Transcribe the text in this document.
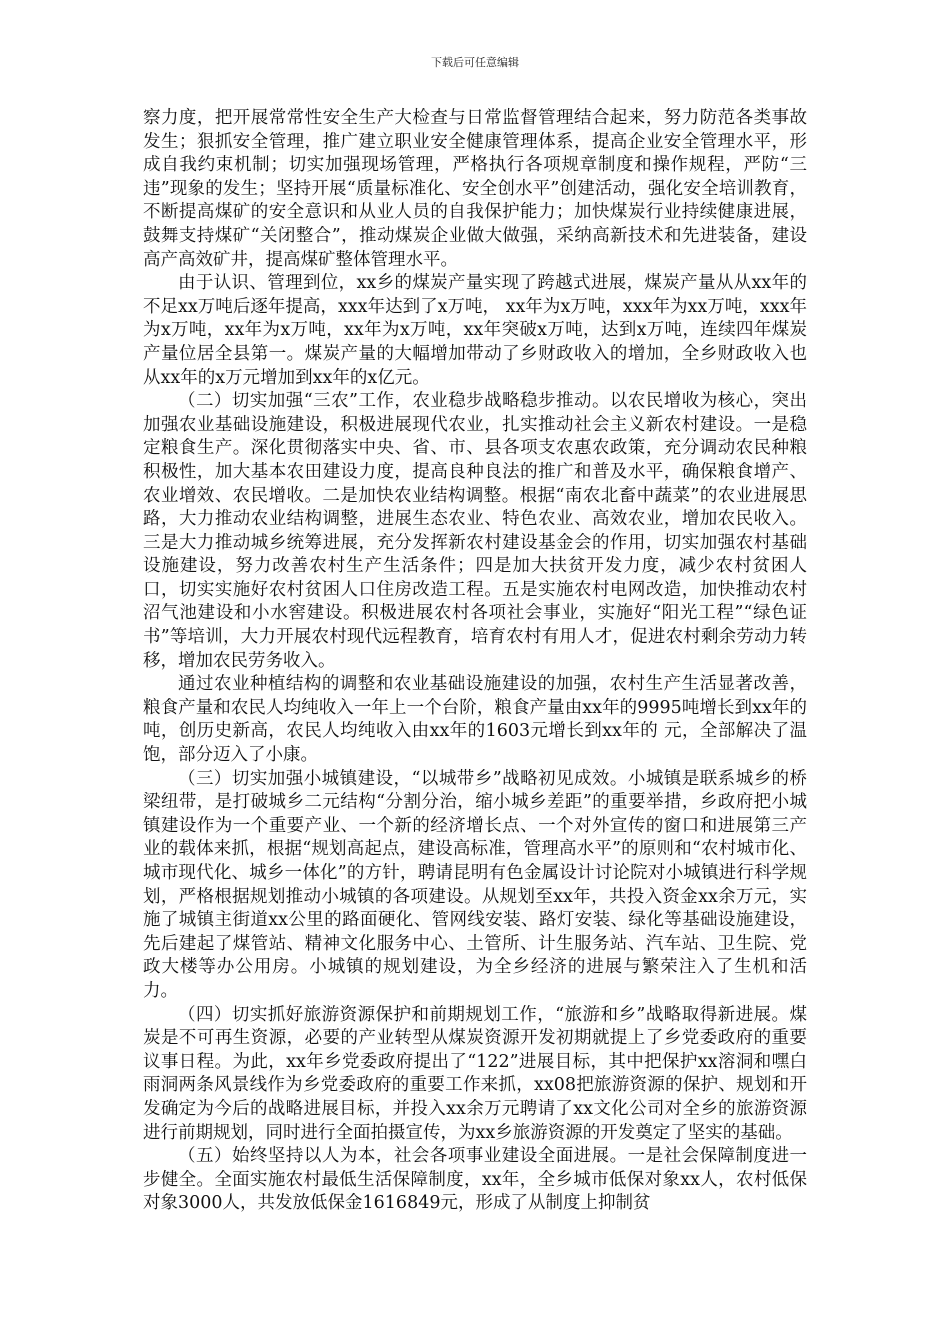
下载后可任意编辑

察力度，把开展常常性安全生产大检查与日常监督管理结合起来，努力防范各类事故发生；狠抓安全管理，推广建立职业安全健康管理体系，提高企业安全管理水平，形成自我约束机制；切实加强现场管理，严格执行各项规章制度和操作规程，严防“三违”现象的发生；坚持开展“质量标准化、安全创水平”创建活动，强化安全培训教育，不断提高煤矿的安全意识和从业人员的自我保护能力；加快煤炭行业持续健康进展，鼓舞支持煤矿“关闭整合”，推动煤炭企业做大做强，采纳高新技术和先进装备，建设高产高效矿井，提高煤矿整体管理水平。

由于认识、管理到位，xx乡的煤炭产量实现了跨越式进展，煤炭产量从从xx年的不足xx万吨后逐年提高，xxx年达到了x万吨， xx年为x万吨，xxx年为xx万吨，xxx年为x万吨，xx年为x万吨，xx年为x万吨，xx年突破x万吨，达到x万吨，连续四年煤炭产量位居全县第一。煤炭产量的大幅增加带动了乡财政收入的增加，全乡财政收入也从xx年的x万元增加到xx年的x亿元。

（二）切实加强“三农”工作，农业稳步战略稳步推动。以农民增收为核心，突出加强农业基础设施建设，积极进展现代农业，扎实推动社会主义新农村建设。一是稳定粮食生产。深化贯彻落实中央、省、市、县各项支农惠农政策，充分调动农民种粮积极性，加大基本农田建设力度，提高良种良法的推广和普及水平，确保粮食增产、农业增效、农民增收。二是加快农业结构调整。根据“南农北畜中蔬菜”的农业进展思路，大力推动农业结构调整，进展生态农业、特色农业、高效农业，增加农民收入。三是大力推动城乡统筹进展，充分发挥新农村建设基金会的作用，切实加强农村基础设施建设，努力改善农村生产生活条件；四是加大扶贫开发力度，减少农村贫困人口，切实实施好农村贫困人口住房改造工程。五是实施农村电网改造，加快推动农村沼气池建设和小水窖建设。积极进展农村各项社会事业，实施好“阳光工程”“绿色证书”等培训，大力开展农村现代远程教育，培育农村有用人才，促进农村剩余劳动力转移，增加农民劳务收入。

通过农业种植结构的调整和农业基础设施建设的加强，农村生产生活显著改善，粮食产量和农民人均纯收入一年上一个台阶，粮食产量由xx年的9995吨增长到xx年的 吨，创历史新高，农民人均纯收入由xx年的1603元增长到xx年的 元，全部解决了温饱，部分迈入了小康。

（三）切实加强小城镇建设，“以城带乡”战略初见成效。小城镇是联系城乡的桥梁纽带，是打破城乡二元结构“分割分治，缩小城乡差距”的重要举措，乡政府把小城镇建设作为一个重要产业、一个新的经济增长点、一个对外宣传的窗口和进展第三产业的载体来抓，根据“规划高起点，建设高标准，管理高水平”的原则和“农村城市化、城市现代化、城乡一体化”的方针，聘请昆明有色金属设计讨论院对小城镇进行科学规划，严格根据规划推动小城镇的各项建设。从规划至xx年，共投入资金xx余万元，实施了城镇主街道xx公里的路面硬化、管网线安装、路灯安装、绿化等基础设施建设，先后建起了煤管站、精神文化服务中心、土管所、计生服务站、汽车站、卫生院、党政大楼等办公用房。小城镇的规划建设，为全乡经济的进展与繁荣注入了生机和活力。

（四）切实抓好旅游资源保护和前期规划工作，“旅游和乡”战略取得新进展。煤炭是不可再生资源，必要的产业转型从煤炭资源开发初期就提上了乡党委政府的重要议事日程。为此，xx年乡党委政府提出了“122”进展目标，其中把保护xx溶洞和嘿白雨洞两条风景线作为乡党委政府的重要工作来抓，xx08把旅游资源的保护、规划和开发确定为今后的战略进展目标，并投入xx余万元聘请了xx文化公司对全乡的旅游资源进行前期规划，同时进行全面拍摄宣传，为xx乡旅游资源的开发奠定了坚实的基础。

（五）始终坚持以人为本，社会各项事业建设全面进展。一是社会保障制度进一步健全。全面实施农村最低生活保障制度，xx年，全乡城市低保对象xx人，农村低保对象3000人，共发放低保金1616849元，形成了从制度上抑制贫
